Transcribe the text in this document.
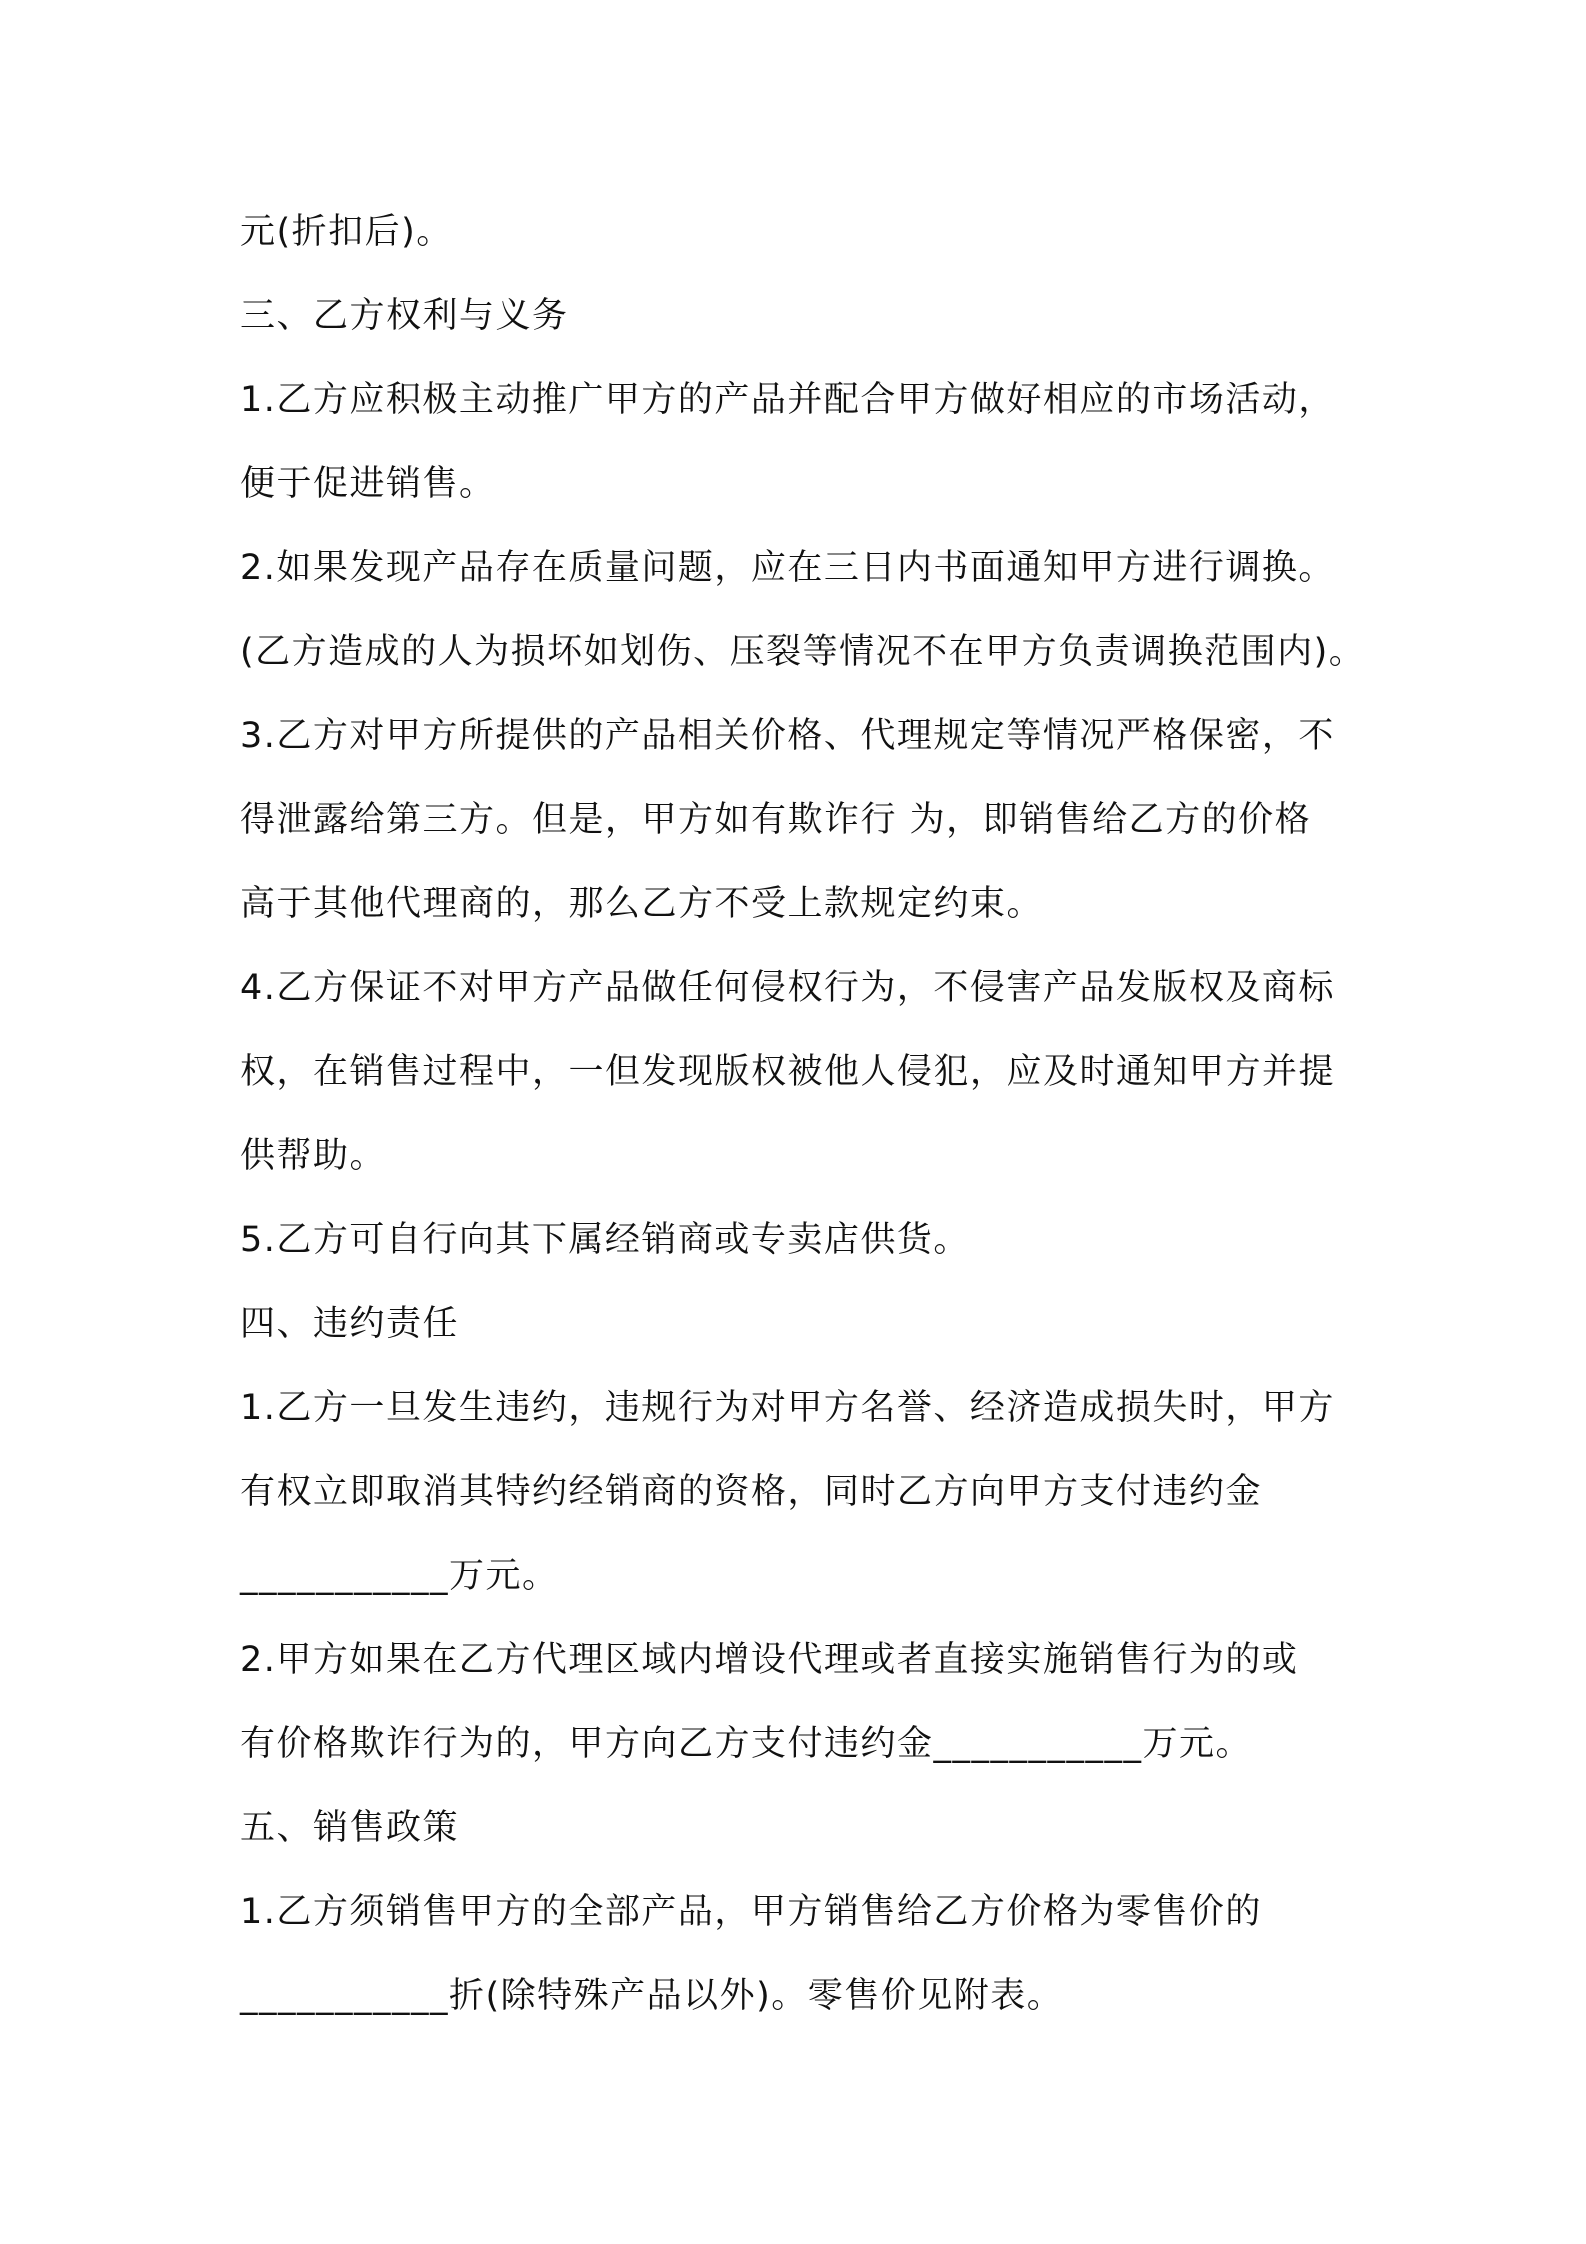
元(折扣后)。
三、乙方权利与义务
1.乙方应积极主动推广甲方的产品并配合甲方做好相应的市场活动，
便于促进销售。
2.如果发现产品存在质量问题，应在三日内书面通知甲方进行调换。
(乙方造成的人为损坏如划伤、压裂等情况不在甲方负责调换范围内)。
3.乙方对甲方所提供的产品相关价格、代理规定等情况严格保密，不
得泄露给第三方。但是，甲方如有欺诈行 为，即销售给乙方的价格
高于其他代理商的，那么乙方不受上款规定约束。
4.乙方保证不对甲方产品做任何侵权行为，不侵害产品发版权及商标
权，在销售过程中，一但发现版权被他人侵犯，应及时通知甲方并提
供帮助。
5.乙方可自行向其下属经销商或专卖店供货。
四、违约责任
1.乙方一旦发生违约，违规行为对甲方名誉、经济造成损失时，甲方
有权立即取消其特约经销商的资格，同时乙方向甲方支付违约金
___________万元。
2.甲方如果在乙方代理区域内增设代理或者直接实施销售行为的或
有价格欺诈行为的，甲方向乙方支付违约金___________万元。
五、销售政策
1.乙方须销售甲方的全部产品，甲方销售给乙方价格为零售价的
___________折(除特殊产品以外)。零售价见附表。
